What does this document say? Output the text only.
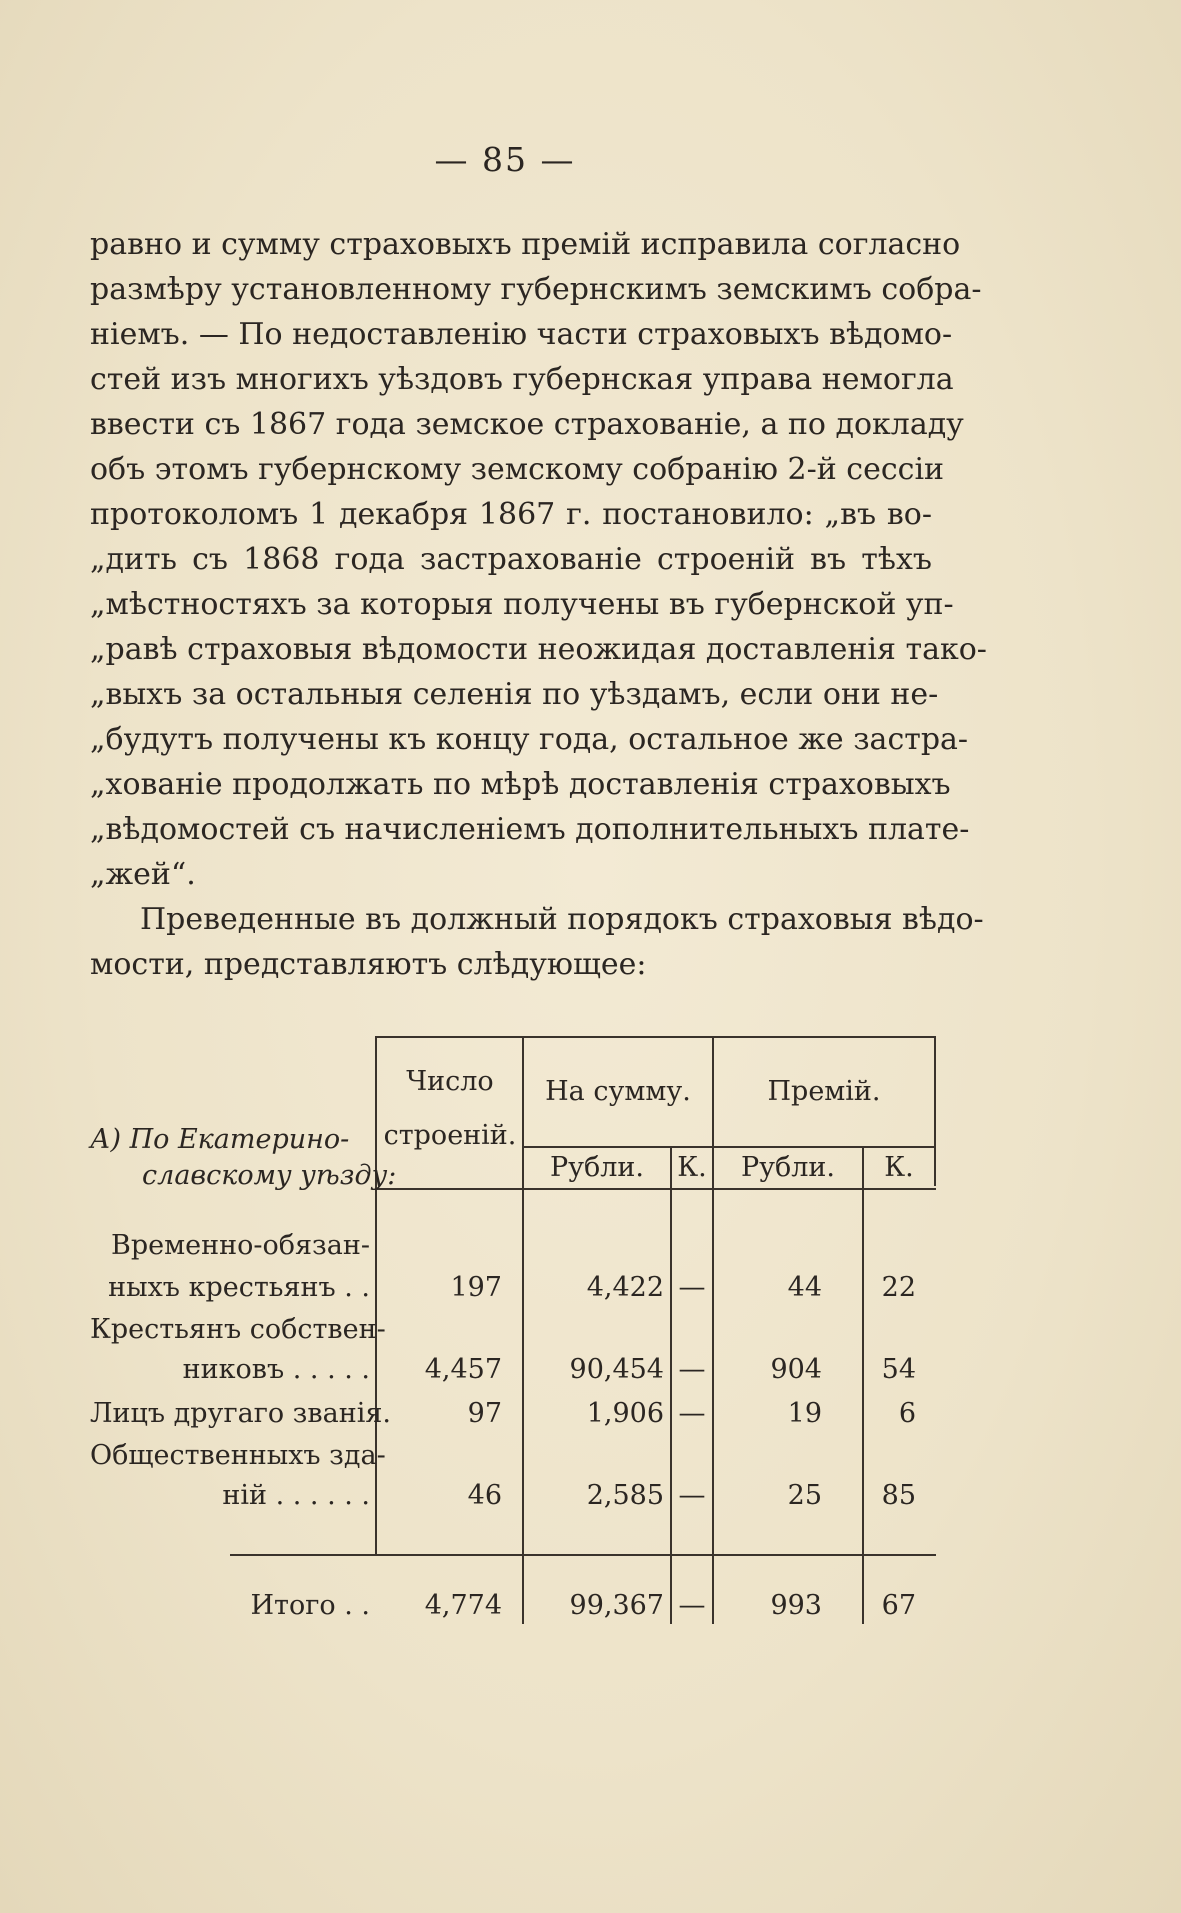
— 85 —
равно и сумму страховыхъ премій исправила согласно
размѣру установленному губернскимъ земскимъ собра-
ніемъ. — По недоставленію части страховыхъ вѣдомо-
стей изъ многихъ уѣздовъ губернская управа немогла
ввести съ 1867 года земское страхованіе, а по докладу
объ этомъ губернскому земскому собранію 2-й сессіи
протоколомъ 1 декабря 1867 г. постановило: „въ во-
„дить съ 1868 года застрахованіе строеній въ тѣхъ
„мѣстностяхъ за которыя получены въ губернской уп-
„равѣ страховыя вѣдомости неожидая доставленія тако-
„выхъ за остальныя селенія по уѣздамъ, если они не-
„будутъ получены къ концу года, остальное же застра-
„хованіе продолжать по мѣрѣ доставленія страховыхъ
„вѣдомостей съ начисленіемъ дополнительныхъ плате-
„жей“.
Преведенные въ должный порядокъ страховыя вѣдо-
мости, представляютъ слѣдующее:
А) По Екатерино-
славскому уѣзду:
Число
строеній.
На сумму.	Премій.
Рубли.	К.	Рубли.	К.
Временно-обязан-
ныхъ крестьянъ . .	197	4,422 —	44	22
Крестьянъ собствен-
никовъ . . . . .	4,457	90,454 —	904	54
Лицъ другаго званія.	97	1,906 —	19	6
Общественныхъ зда-
ній . . . . . .	46	2,585 —	25	85
Итого . .	4,774	99,367 —	993	67
